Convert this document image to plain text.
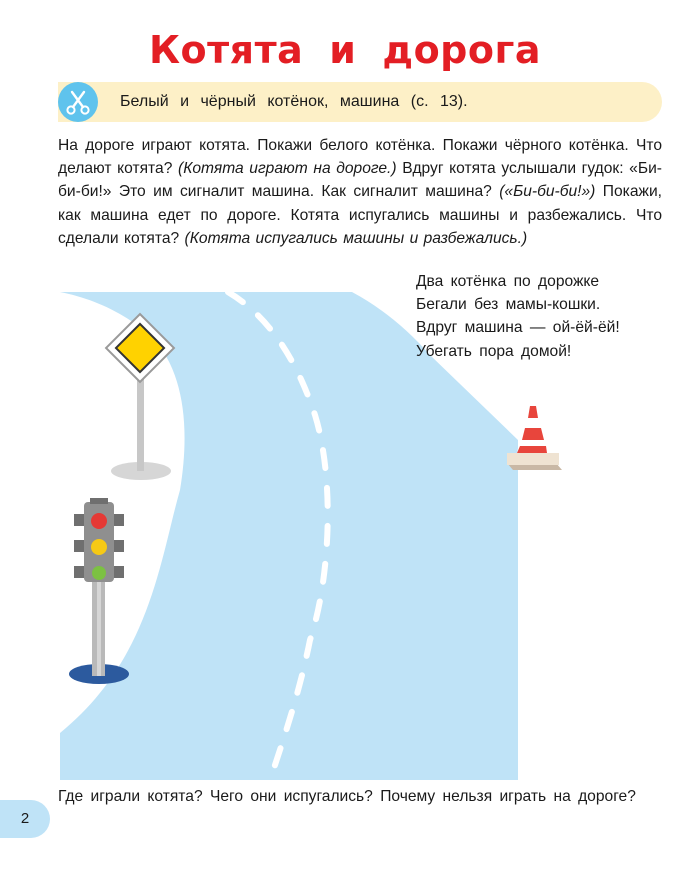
Котята и дорога
Белый и чёрный котёнок, машина (с. 13).

На дороге играют котята. Покажи белого котёнка. Покажи чёрного котёнка. Что делают котята? (Котята играют на дороге.) Вдруг котята услышали гудок: «Би-би-би!» Это им сигналит машина. Как сигналит машина? («Би-би-би!») Покажи, как машина едет по дороге. Котята испугались машины и разбежались. Что сделали котята? (Котята испугались машины и разбежались.)

Два котёнка по дорожке
Бегали без мамы-кошки.
Вдруг машина — ой-ёй-ёй!
Убегать пора домой!

Где играли котята? Чего они испугались? Почему нельзя играть на дороге?

2
